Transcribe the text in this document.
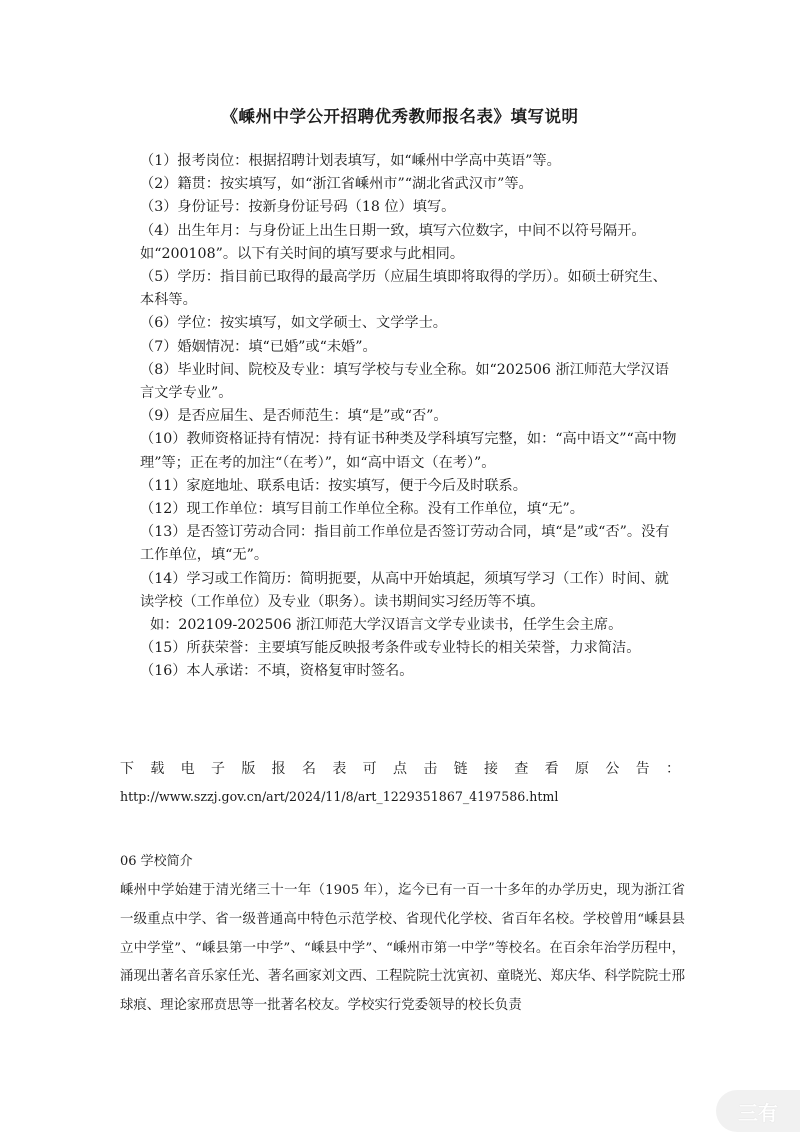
《嵊州中学公开招聘优秀教师报名表》填写说明

（1）报考岗位：根据招聘计划表填写，如“嵊州中学高中英语”等。

（2）籍贯：按实填写，如“浙江省嵊州市”“湖北省武汉市”等。

（3）身份证号：按新身份证号码（18 位）填写。

（4）出生年月：与身份证上出生日期一致，填写六位数字，中间不以符号隔开。如“200108”。以下有关时间的填写要求与此相同。

（5）学历：指目前已取得的最高学历（应届生填即将取得的学历）。如硕士研究生、本科等。

（6）学位：按实填写，如文学硕士、文学学士。

（7）婚姻情况：填“已婚”或“未婚”。

（8）毕业时间、院校及专业：填写学校与专业全称。如“202506 浙江师范大学汉语言文学专业”。

（9）是否应届生、是否师范生：填“是”或“否”。

（10）教师资格证持有情况：持有证书种类及学科填写完整，如：“高中语文”“高中物理”等；正在考的加注“（在考）”，如“高中语文（在考）”。

（11）家庭地址、联系电话：按实填写，便于今后及时联系。

（12）现工作单位：填写目前工作单位全称。没有工作单位，填“无”。

（13）是否签订劳动合同：指目前工作单位是否签订劳动合同，填“是”或“否”。没有工作单位，填“无”。

（14）学习或工作简历：简明扼要，从高中开始填起，须填写学习（工作）时间、就读学校（工作单位）及专业（职务）。读书期间实习经历等不填。

如：202109-202506 浙江师范大学汉语言文学专业读书，任学生会主席。

（15）所获荣誉：主要填写能反映报考条件或专业特长的相关荣誉，力求简洁。

（16）本人承诺：不填，资格复审时签名。

下载电子版报名表可点击链接查看原公告：
http://www.szzj.gov.cn/art/2024/11/8/art_1229351867_4197586.html
06 学校简介
嵊州中学始建于清光绪三十一年（1905 年），迄今已有一百一十多年的办学历史，现为浙江省一级重点中学、省一级普通高中特色示范学校、省现代化学校、省百年名校。学校曾用“嵊县县立中学堂”、“嵊县第一中学”、“嵊县中学”、“嵊州市第一中学”等校名。在百余年治学历程中，涌现出著名音乐家任光、著名画家刘文西、工程院院士沈寅初、童晓光、郑庆华、科学院院士邢球痕、理论家邢贲思等一批著名校友。学校实行党委领导的校长负责
三有
